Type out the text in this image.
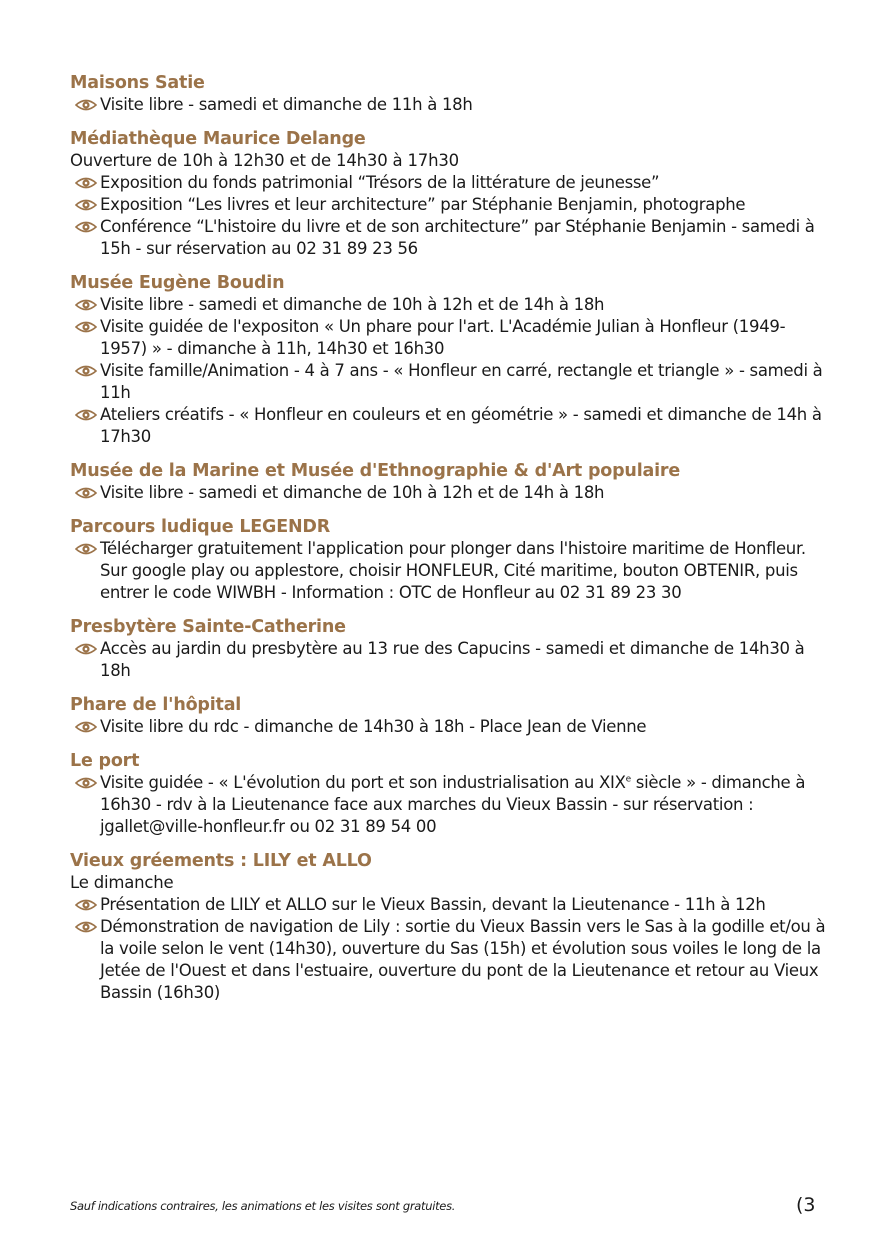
Maisons Satie
Visite libre - samedi et dimanche de 11h à 18h
Médiathèque Maurice Delange
Ouverture de 10h à 12h30 et de 14h30 à 17h30
Exposition du fonds patrimonial “Trésors de la littérature de jeunesse”
Exposition “Les livres et leur architecture” par Stéphanie Benjamin, photographe
Conférence “L'histoire du livre et de son architecture” par Stéphanie Benjamin - samedi à 15h - sur réservation au 02 31 89 23 56
Musée Eugène Boudin
Visite libre - samedi et dimanche de 10h à 12h et de 14h à 18h
Visite guidée de l'expositon « Un phare pour l'art. L'Académie Julian à Honfleur (1949-1957) » - dimanche à 11h, 14h30 et 16h30
Visite famille/Animation - 4 à 7 ans - « Honfleur en carré, rectangle et triangle » - samedi à 11h
Ateliers créatifs - « Honfleur en couleurs et en géométrie » - samedi et dimanche de 14h à 17h30
Musée de la Marine et Musée d'Ethnographie & d'Art populaire
Visite libre - samedi et dimanche de 10h à 12h et de 14h à 18h
Parcours ludique LEGENDR
Télécharger gratuitement l'application pour plonger dans l'histoire maritime de Honfleur. Sur google play ou applestore, choisir HONFLEUR, Cité maritime, bouton OBTENIR, puis entrer le code WIWBH - Information : OTC de Honfleur au 02 31 89 23 30
Presbytère Sainte-Catherine
Accès au jardin du presbytère au 13 rue des Capucins - samedi et dimanche de 14h30 à 18h
Phare de l'hôpital
Visite libre du rdc - dimanche de 14h30 à 18h - Place Jean de Vienne
Le port
Visite guidée - « L'évolution du port et son industrialisation au XIXe siècle » - dimanche à 16h30 - rdv à la Lieutenance face aux marches du Vieux Bassin - sur réservation : jgallet@ville-honfleur.fr ou 02 31 89 54 00
Vieux gréements : LILY et ALLO
Le dimanche
Présentation de LILY et ALLO sur le Vieux Bassin, devant la Lieutenance - 11h à 12h
Démonstration de navigation de Lily : sortie du Vieux Bassin vers le Sas à la godille et/ou à la voile selon le vent (14h30), ouverture du Sas (15h) et évolution sous voiles le long de la Jetée de l'Ouest et dans l'estuaire, ouverture du pont de la Lieutenance et retour au Vieux Bassin (16h30)
Sauf indications contraires, les animations et les visites sont gratuites.	(3
